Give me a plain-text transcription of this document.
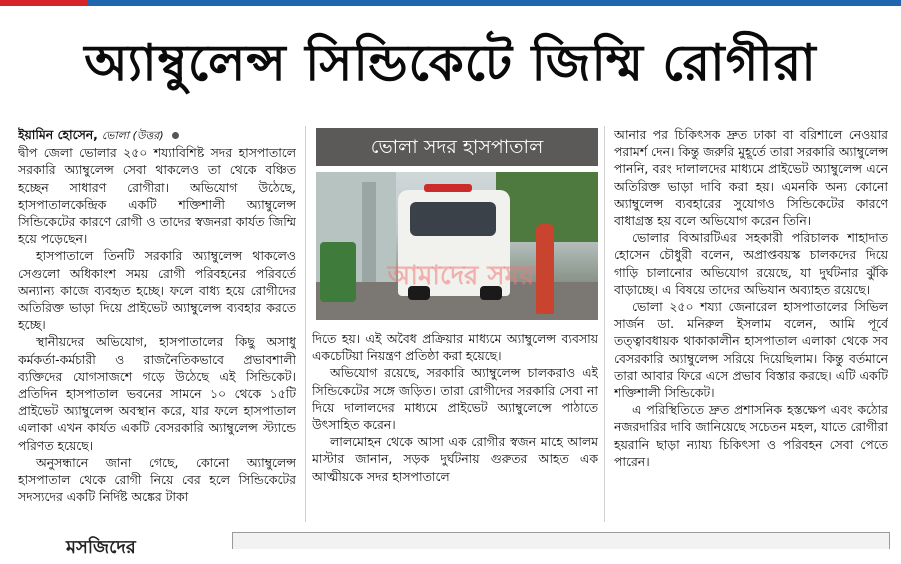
অ্যাম্বুলেন্স সিন্ডিকেটে জিম্মি রোগীরা

ইয়ামিন হোসেন, ভোলা (উত্তর)

দ্বীপ জেলা ভোলার ২৫০ শয্যাবিশিষ্ট সদর হাসপাতালে সরকারি অ্যাম্বুলেন্স সেবা থাকলেও তা থেকে বঞ্চিত হচ্ছেন সাধারণ রোগীরা। অভিযোগ উঠেছে, হাসপাতালকেন্দ্রিক একটি শক্তিশালী অ্যাম্বুলেন্স সিন্ডিকেটের কারণে রোগী ও তাদের স্বজনরা কার্যত জিম্মি হয়ে পড়েছেন।

হাসপাতালে তিনটি সরকারি অ্যাম্বুলেন্স থাকলেও সেগুলো অধিকাংশ সময় রোগী পরিবহনের পরিবর্তে অন্যান্য কাজে ব্যবহৃত হচ্ছে। ফলে বাধ্য হয়ে রোগীদের অতিরিক্ত ভাড়া দিয়ে প্রাইভেট অ্যাম্বুলেন্স ব্যবহার করতে হচ্ছে।

স্থানীয়দের অভিযোগ, হাসপাতালের কিছু অসাধু কর্মকর্তা-কর্মচারী ও রাজনৈতিকভাবে প্রভাবশালী ব্যক্তিদের যোগসাজশে গড়ে উঠেছে এই সিন্ডিকেট। প্রতিদিন হাসপাতাল ভবনের সামনে ১০ থেকে ১৫টি প্রাইভেট অ্যাম্বুলেন্স অবস্থান করে, যার ফলে হাসপাতাল এলাকা এখন কার্যত একটি বেসরকারি অ্যাম্বুলেন্স স্ট্যান্ডে পরিণত হয়েছে।

অনুসন্ধানে জানা গেছে, কোনো অ্যাম্বুলেন্স হাসপাতাল থেকে রোগী নিয়ে বের হলে সিন্ডিকেটের সদস্যদের একটি নির্দিষ্ট অঙ্কের টাকা

ভোলা সদর হাসপাতাল
আমাদের সময়

দিতে হয়। এই অবৈধ প্রক্রিয়ার মাধ্যমে অ্যাম্বুলেন্স ব্যবসায় একচেটিয়া নিয়ন্ত্রণ প্রতিষ্ঠা করা হয়েছে।

অভিযোগ রয়েছে, সরকারি অ্যাম্বুলেন্স চালকরাও এই সিন্ডিকেটের সঙ্গে জড়িত। তারা রোগীদের সরকারি সেবা না দিয়ে দালালদের মাধ্যমে প্রাইভেট অ্যাম্বুলেন্সে পাঠাতে উৎসাহিত করেন।

লালমোহন থেকে আসা এক রোগীর স্বজন মাহে আলম মাস্টার জানান, সড়ক দুর্ঘটনায় গুরুতর আহত এক আত্মীয়কে সদর হাসপাতালে

আনার পর চিকিৎসক দ্রুত ঢাকা বা বরিশালে নেওয়ার পরামর্শ দেন। কিন্তু জরুরি মুহূর্তে তারা সরকারি অ্যাম্বুলেন্স পাননি, বরং দালালদের মাধ্যমে প্রাইভেট অ্যাম্বুলেন্স এনে অতিরিক্ত ভাড়া দাবি করা হয়। এমনকি অন্য কোনো অ্যাম্বুলেন্স ব্যবহারের সুযোগও সিন্ডিকেটের কারণে বাধাগ্রস্ত হয় বলে অভিযোগ করেন তিনি।

ভোলার বিআরটিএর সহকারী পরিচালক শাহাদাত হোসেন চৌধুরী বলেন, অপ্রাপ্তবয়স্ক চালকদের দিয়ে গাড়ি চালানোর অভিযোগ রয়েছে, যা দুর্ঘটনার ঝুঁকি বাড়াচ্ছে। এ বিষয়ে তাদের অভিযান অব্যাহত রয়েছে।

ভোলা ২৫০ শয্যা জেনারেল হাসপাতালের সিভিল সার্জন ডা. মনিরুল ইসলাম বলেন, আমি পূর্বে তত্ত্বাবধায়ক থাকাকালীন হাসপাতাল এলাকা থেকে সব বেসরকারি অ্যাম্বুলেন্স সরিয়ে দিয়েছিলাম। কিন্তু বর্তমানে তারা আবার ফিরে এসে প্রভাব বিস্তার করছে। এটি একটি শক্তিশালী সিন্ডিকেট।

এ পরিস্থিতিতে দ্রুত প্রশাসনিক হস্তক্ষেপ এবং কঠোর নজরদারির দাবি জানিয়েছে সচেতন মহল, যাতে রোগীরা হয়রানি ছাড়া ন্যায্য চিকিৎসা ও পরিবহন সেবা পেতে পারেন।

মসজিদের
